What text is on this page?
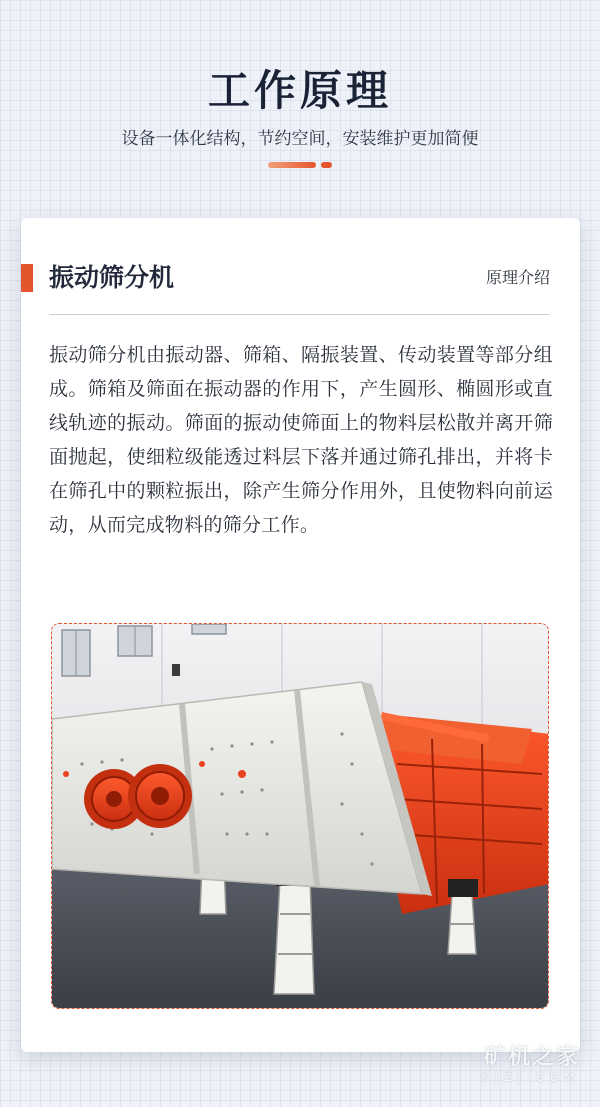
工作原理
设备一体化结构，节约空间，安装维护更加简便
振动筛分机	原理介绍

振动筛分机由振动器、筛箱、隔振装置、传动装置等部分组成。筛箱及筛面在振动器的作用下，产生圆形、椭圆形或直线轨迹的振动。筛面的振动使筛面上的物料层松散并离开筛面抛起，使细粒级能透过料层下落并通过筛孔排出，并将卡在筛孔中的颗粒振出，除产生筛分作用外，且使物料向前运动，从而完成物料的筛分工作。

矿机之家
KJZJ.COM
